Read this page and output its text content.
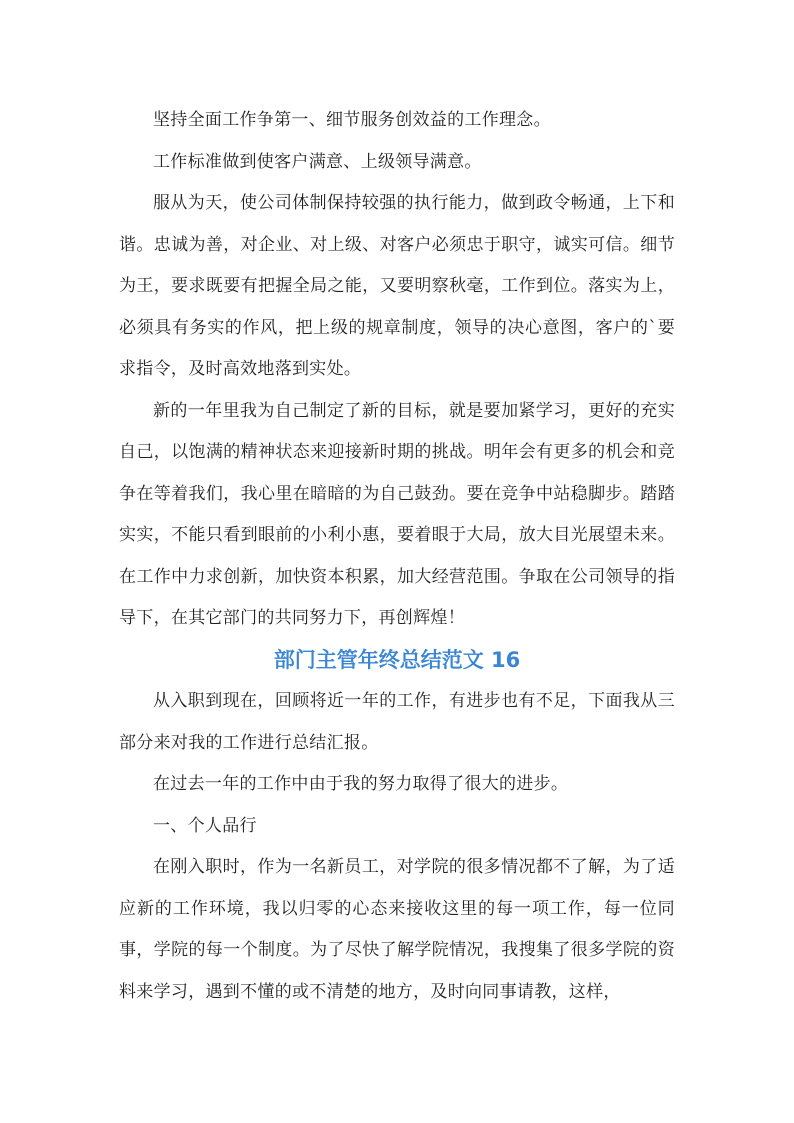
坚持全面工作争第一、细节服务创效益的工作理念。

工作标准做到使客户满意、上级领导满意。

服从为天，使公司体制保持较强的执行能力，做到政令畅通，上下和谐。忠诚为善，对企业、对上级、对客户必须忠于职守，诚实可信。细节为王，要求既要有把握全局之能，又要明察秋毫，工作到位。落实为上，必须具有务实的作风，把上级的规章制度，领导的决心意图，客户的`要求指令，及时高效地落到实处。

新的一年里我为自己制定了新的目标，就是要加紧学习，更好的充实自己，以饱满的精神状态来迎接新时期的挑战。明年会有更多的机会和竞争在等着我们，我心里在暗暗的为自己鼓劲。要在竞争中站稳脚步。踏踏实实，不能只看到眼前的小利小惠，要着眼于大局，放大目光展望未来。在工作中力求创新，加快资本积累，加大经营范围。争取在公司领导的指导下，在其它部门的共同努力下，再创辉煌！

部门主管年终总结范文 16

从入职到现在，回顾将近一年的工作，有进步也有不足，下面我从三部分来对我的工作进行总结汇报。

在过去一年的工作中由于我的努力取得了很大的进步。

一、个人品行

在刚入职时，作为一名新员工，对学院的很多情况都不了解，为了适应新的工作环境，我以归零的心态来接收这里的每一项工作，每一位同事，学院的每一个制度。为了尽快了解学院情况，我搜集了很多学院的资料来学习，遇到不懂的或不清楚的地方，及时向同事请教，这样，
